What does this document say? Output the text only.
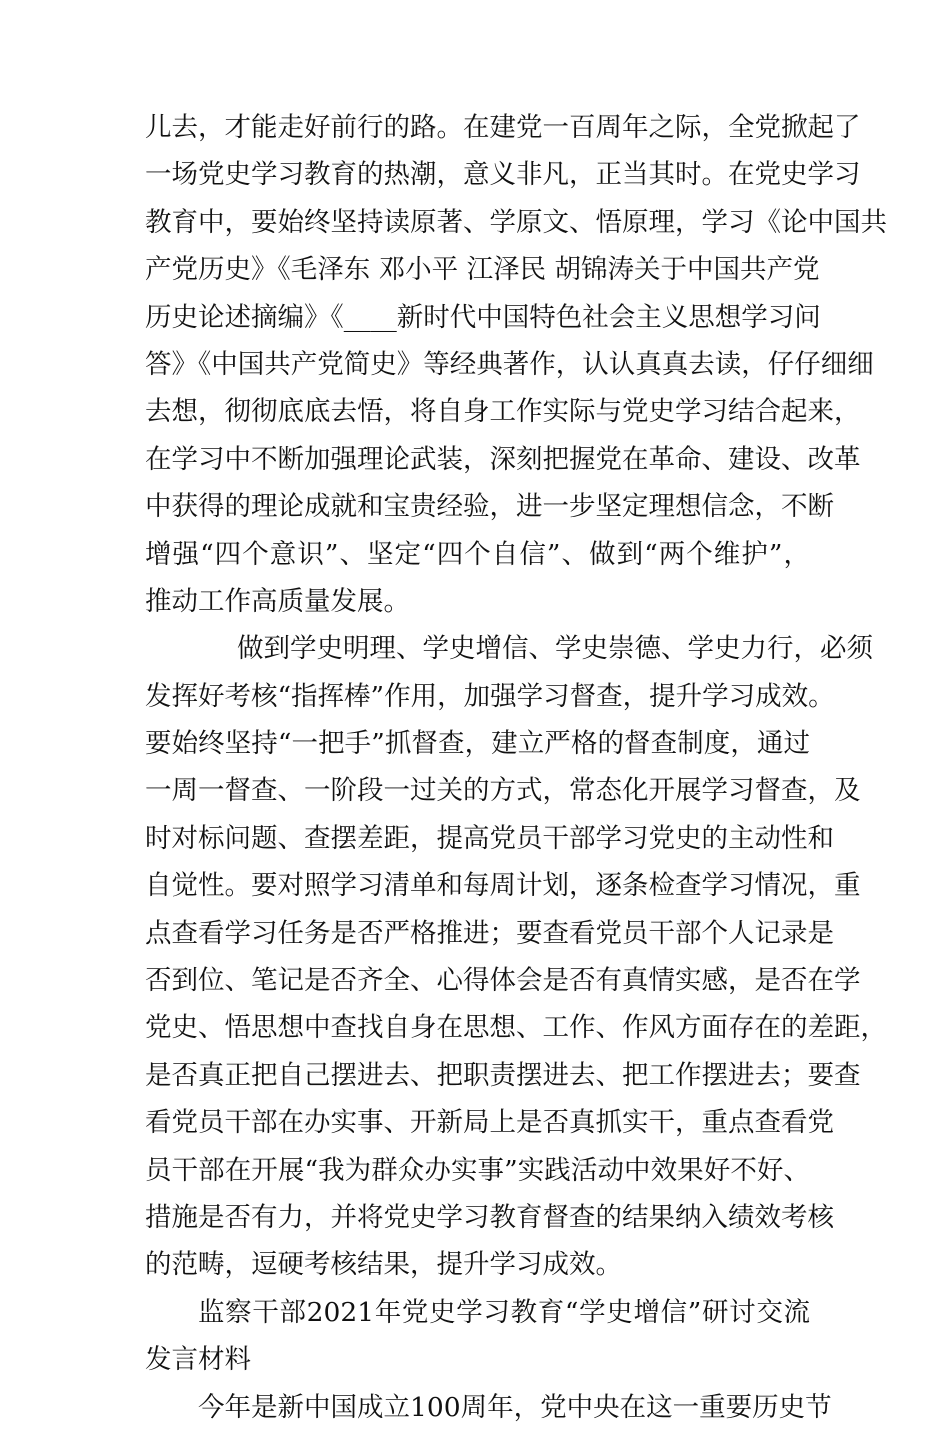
儿去，才能走好前行的路。在建党一百周年之际，全党掀起了
一场党史学习教育的热潮，意义非凡，正当其时。在党史学习
教育中，要始终坚持读原著、学原文、悟原理，学习《论中国共
产党历史》《毛泽东 邓小平 江泽民 胡锦涛关于中国共产党
历史论述摘编》《____新时代中国特色社会主义思想学习问
答》《中国共产党简史》等经典著作，认认真真去读，仔仔细细
去想，彻彻底底去悟，将自身工作实际与党史学习结合起来，
在学习中不断加强理论武装，深刻把握党在革命、建设、改革
中获得的理论成就和宝贵经验，进一步坚定理想信念，不断
增强“四个意识”、坚定“四个自信”、做到“两个维护”，
推动工作高质量发展。
做到学史明理、学史增信、学史崇德、学史力行，必须
发挥好考核“指挥棒”作用，加强学习督查，提升学习成效。
要始终坚持“一把手”抓督查，建立严格的督查制度，通过
一周一督查、一阶段一过关的方式，常态化开展学习督查，及
时对标问题、查摆差距，提高党员干部学习党史的主动性和
自觉性。要对照学习清单和每周计划，逐条检查学习情况，重
点查看学习任务是否严格推进；要查看党员干部个人记录是
否到位、笔记是否齐全、心得体会是否有真情实感，是否在学
党史、悟思想中查找自身在思想、工作、作风方面存在的差距，
是否真正把自己摆进去、把职责摆进去、把工作摆进去；要查
看党员干部在办实事、开新局上是否真抓实干，重点查看党
员干部在开展“我为群众办实事”实践活动中效果好不好、
措施是否有力，并将党史学习教育督查的结果纳入绩效考核
的范畴，逗硬考核结果，提升学习成效。
监察干部2021年党史学习教育“学史增信”研讨交流
发言材料
今年是新中国成立100周年，党中央在这一重要历史节
